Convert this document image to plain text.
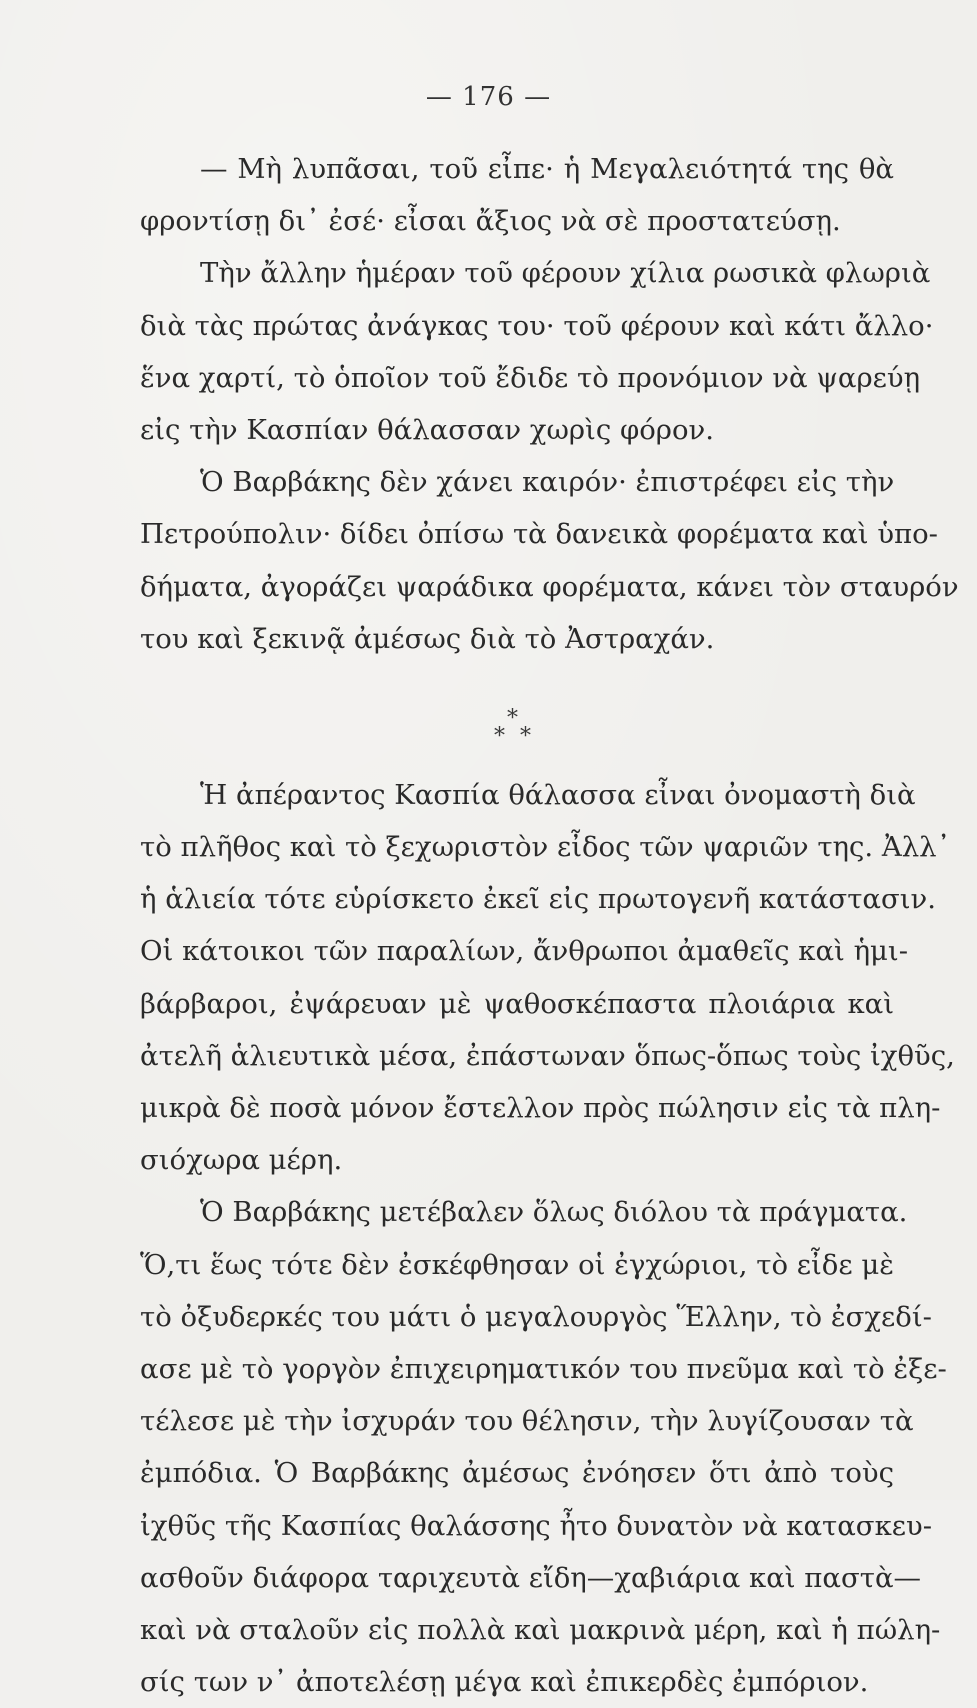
— 176 —
— Μὴ λυπᾶσαι, τοῦ εἶπε· ἡ Μεγαλειότητά της θὰ
φροντίσῃ δι᾽ ἐσέ· εἶσαι ἄξιος νὰ σὲ προστατεύσῃ.
Τὴν ἄλλην ἡμέραν τοῦ φέρουν χίλια ρωσικὰ φλωριὰ
διὰ τὰς πρώτας ἀνάγκας του· τοῦ φέρουν καὶ κάτι ἄλλο·
ἕνα χαρτί, τὸ ὁποῖον τοῦ ἔδιδε τὸ προνόμιον νὰ ψαρεύῃ
εἰς τὴν Κασπίαν θάλασσαν χωρὶς φόρον.
Ὁ Βαρβάκης δὲν χάνει καιρόν· ἐπιστρέφει εἰς τὴν
Πετρούπολιν· δίδει ὀπίσω τὰ δανεικὰ φορέματα καὶ ὑπο-
δήματα, ἀγοράζει ψαράδικα φορέματα, κάνει τὸν σταυρόν
του καὶ ξεκινᾷ ἀμέσως διὰ τὸ Ἀστραχάν.
*
* *
Ἡ ἀπέραντος Κασπία θάλασσα εἶναι ὀνομαστὴ διὰ
τὸ πλῆθος καὶ τὸ ξεχωριστὸν εἶδος τῶν ψαριῶν της. Ἀλλ᾽
ἡ ἁλιεία τότε εὑρίσκετο ἐκεῖ εἰς πρωτογενῆ κατάστασιν.
Οἱ κάτοικοι τῶν παραλίων, ἄνθρωποι ἀμαθεῖς καὶ ἡμι-
βάρβαροι, ἐψάρευαν μὲ ψαθοσκέπαστα πλοιάρια καὶ
ἀτελῆ ἁλιευτικὰ μέσα, ἐπάστωναν ὅπως-ὅπως τοὺς ἰχθῦς,
μικρὰ δὲ ποσὰ μόνον ἔστελλον πρὸς πώλησιν εἰς τὰ πλη-
σιόχωρα μέρη.
Ὁ Βαρβάκης μετέβαλεν ὅλως διόλου τὰ πράγματα.
Ὅ,τι ἕως τότε δὲν ἐσκέφθησαν οἱ ἐγχώριοι, τὸ εἶδε μὲ
τὸ ὀξυδερκές του μάτι ὁ μεγαλουργὸς Ἕλλην, τὸ ἐσχεδί-
ασε μὲ τὸ γοργὸν ἐπιχειρηματικόν του πνεῦμα καὶ τὸ ἐξε-
τέλεσε μὲ τὴν ἰσχυράν του θέλησιν, τὴν λυγίζουσαν τὰ
ἐμπόδια. Ὁ Βαρβάκης ἀμέσως ἐνόησεν ὅτι ἀπὸ τοὺς
ἰχθῦς τῆς Κασπίας θαλάσσης ἦτο δυνατὸν νὰ κατασκευ-
ασθοῦν διάφορα ταριχευτὰ εἴδη—χαβιάρια καὶ παστὰ—
καὶ νὰ σταλοῦν εἰς πολλὰ καὶ μακρινὰ μέρη, καὶ ἡ πώλη-
σίς των ν᾽ ἀποτελέσῃ μέγα καὶ ἐπικερδὲς ἐμπόριον.
